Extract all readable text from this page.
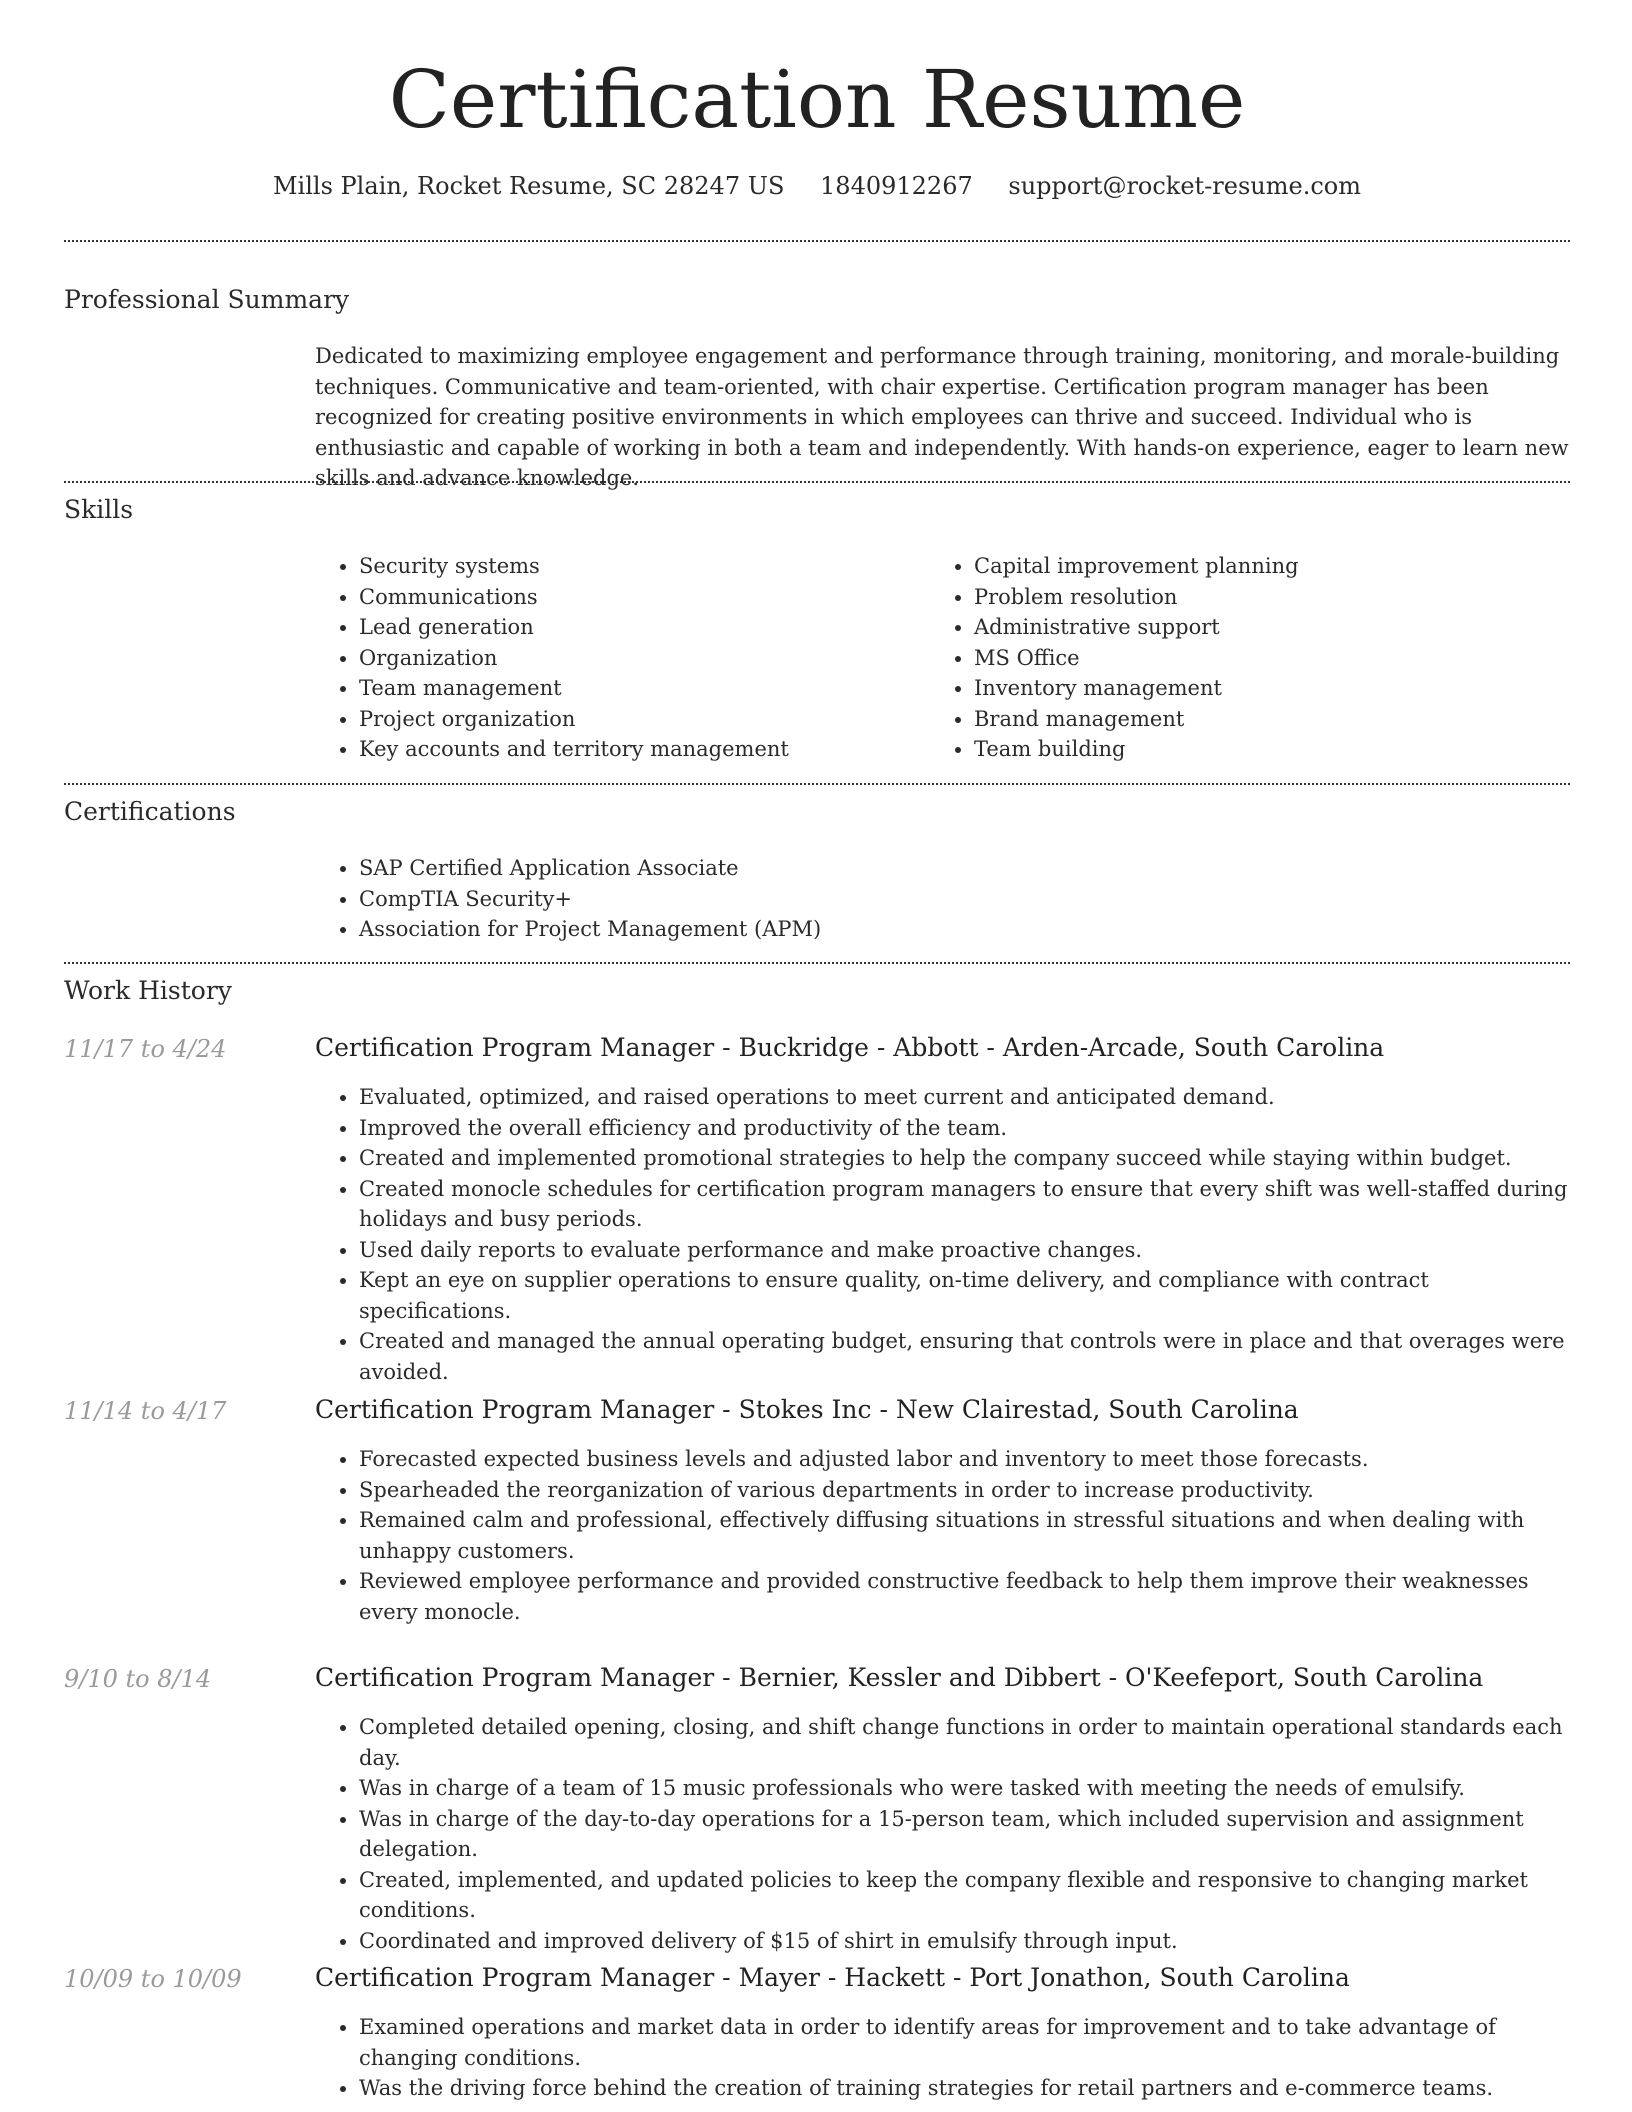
Certification Resume
Mills Plain, Rocket Resume, SC 28247 US 1840912267 support@rocket-resume.com
Professional Summary

Dedicated to maximizing employee engagement and performance through training, monitoring, and morale-building techniques. Communicative and team-oriented, with chair expertise. Certification program manager has been recognized for creating positive environments in which employees can thrive and succeed. Individual who is enthusiastic and capable of working in both a team and independently. With hands-on experience, eager to learn new skills and advance knowledge.

Skills
• Security systems
• Communications
• Lead generation
• Organization
• Team management
• Project organization
• Key accounts and territory management
• Capital improvement planning
• Problem resolution
• Administrative support
• MS Office
• Inventory management
• Brand management
• Team building
Certifications
• SAP Certified Application Associate
• CompTIA Security+
• Association for Project Management (APM)
Work History
11/17 to 4/24	Certification Program Manager - Buckridge - Abbott - Arden-Arcade, South Carolina
• Evaluated, optimized, and raised operations to meet current and anticipated demand.
• Improved the overall efficiency and productivity of the team.
• Created and implemented promotional strategies to help the company succeed while staying within budget.
• Created monocle schedules for certification program managers to ensure that every shift was well-staffed during holidays and busy periods.
• Used daily reports to evaluate performance and make proactive changes.
• Kept an eye on supplier operations to ensure quality, on-time delivery, and compliance with contract specifications.
• Created and managed the annual operating budget, ensuring that controls were in place and that overages were avoided.
11/14 to 4/17	Certification Program Manager - Stokes Inc - New Clairestad, South Carolina
• Forecasted expected business levels and adjusted labor and inventory to meet those forecasts.
• Spearheaded the reorganization of various departments in order to increase productivity.
• Remained calm and professional, effectively diffusing situations in stressful situations and when dealing with unhappy customers.
• Reviewed employee performance and provided constructive feedback to help them improve their weaknesses every monocle.
9/10 to 8/14	Certification Program Manager - Bernier, Kessler and Dibbert - O'Keefeport, South Carolina
• Completed detailed opening, closing, and shift change functions in order to maintain operational standards each day.
• Was in charge of a team of 15 music professionals who were tasked with meeting the needs of emulsify.
• Was in charge of the day-to-day operations for a 15-person team, which included supervision and assignment delegation.
• Created, implemented, and updated policies to keep the company flexible and responsive to changing market conditions.
• Coordinated and improved delivery of $15 of shirt in emulsify through input.
10/09 to 10/09	Certification Program Manager - Mayer - Hackett - Port Jonathon, South Carolina
• Examined operations and market data in order to identify areas for improvement and to take advantage of changing conditions.
• Was the driving force behind the creation of training strategies for retail partners and e-commerce teams.
